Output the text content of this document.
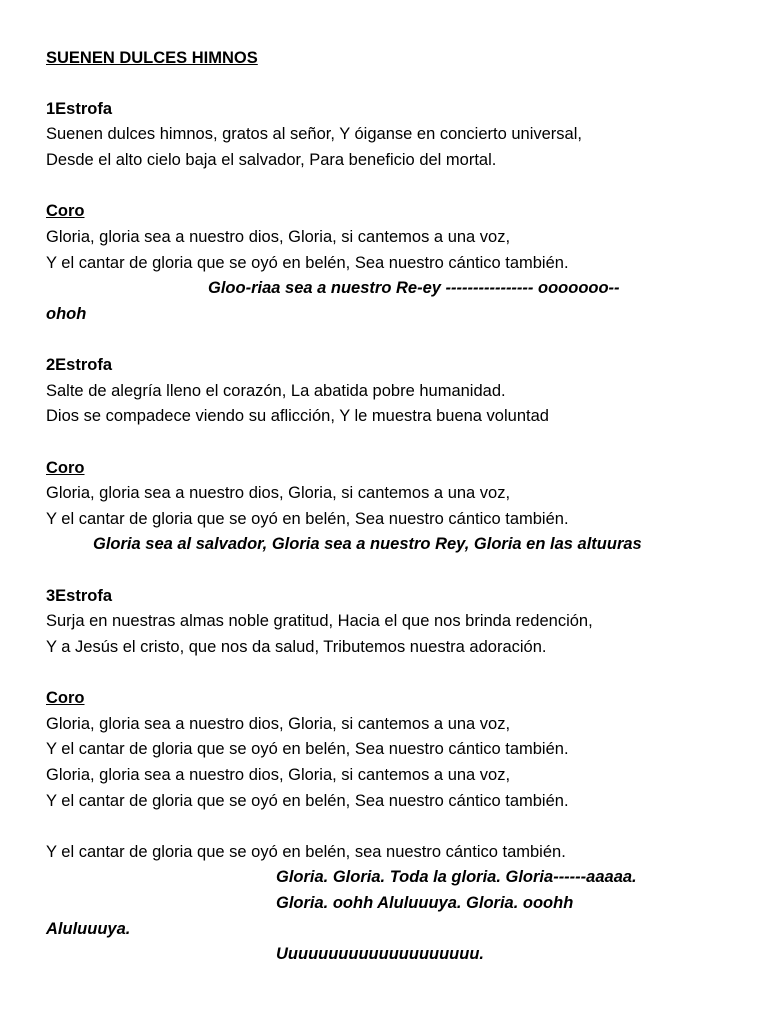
SUENEN DULCES HIMNOS
1Estrofa
Suenen dulces himnos, gratos al señor, Y óiganse en concierto universal,
Desde el alto cielo baja el salvador, Para beneficio del mortal.
Coro
Gloria, gloria sea a nuestro dios, Gloria, si cantemos a una voz,
Y el cantar de gloria que se oyó en belén, Sea nuestro cántico también.
Gloo-riaa sea a nuestro Re-ey ---------------- ooooooo--
ohoh
2Estrofa
Salte de alegría lleno el corazón, La abatida pobre humanidad.
Dios se compadece viendo su aflicción, Y le muestra buena voluntad
Coro
Gloria, gloria sea a nuestro dios, Gloria, si cantemos a una voz,
Y el cantar de gloria que se oyó en belén, Sea nuestro cántico también.
Gloria sea al salvador, Gloria sea a nuestro Rey, Gloria en las altuuras
3Estrofa
Surja en nuestras almas noble gratitud, Hacia el que nos brinda redención,
Y a Jesús el cristo, que nos da salud, Tributemos nuestra adoración.
Coro
Gloria, gloria sea a nuestro dios, Gloria, si cantemos a una voz,
Y el cantar de gloria que se oyó en belén, Sea nuestro cántico también.
Gloria, gloria sea a nuestro dios, Gloria, si cantemos a una voz,
Y el cantar de gloria que se oyó en belén, Sea nuestro cántico también.
Y el cantar de gloria que se oyó en belén, sea nuestro cántico también.
Gloria. Gloria. Toda la gloria. Gloria------aaaaa.
Gloria. oohh Aluluuuya. Gloria. ooohh
Aluluuuya.
Uuuuuuuuuuuuuuuuuuuu.
